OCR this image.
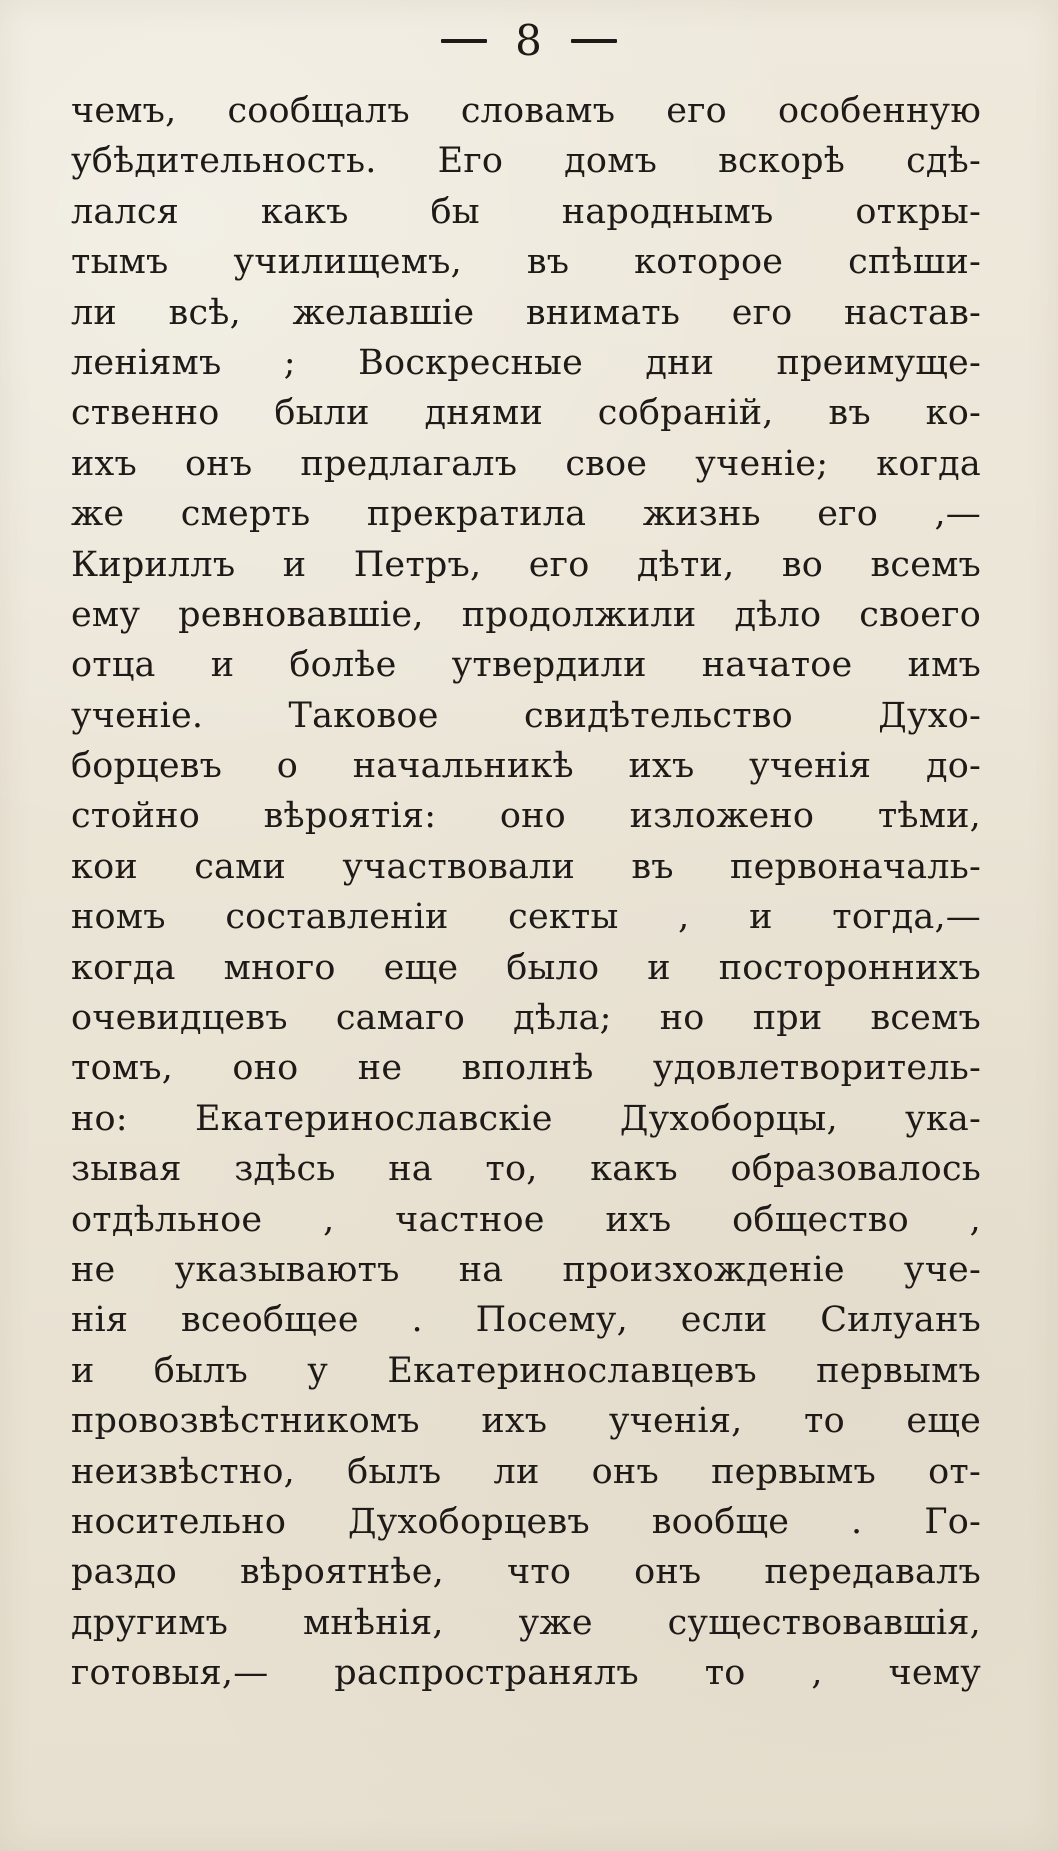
8
чемъ, сообщалъ словамъ его особенную
убѣдительность. Его домъ вскорѣ сдѣ-
лался какъ бы народнымъ откры-
тымъ училищемъ, въ которое спѣши-
ли всѣ, желавшіе внимать его настав-
леніямъ ; Воскресные дни преимуще-
ственно были днями собраній, въ ко-
ихъ онъ предлагалъ свое ученіе; когда
же смерть прекратила жизнь его ,—
Кириллъ и Петръ, его дѣти, во всемъ
ему ревновавшіе, продолжили дѣло своего
отца и болѣе утвердили начатое имъ
ученіе. Таковое свидѣтельство Духо-
борцевъ о начальникѣ ихъ ученія до-
стойно вѣроятія: оно изложено тѣми,
кои сами участвовали въ первоначаль-
номъ составленіи секты , и тогда,—
когда много еще было и постороннихъ
очевидцевъ самаго дѣла; но при всемъ
томъ, оно не вполнѣ удовлетворитель-
но: Екатеринославскіе Духоборцы, ука-
зывая здѣсь на то, какъ образовалось
отдѣльное , частное ихъ общество ,
не указываютъ на произхожденіе уче-
нія всеобщее . Посему, если Силуанъ
и былъ у Екатеринославцевъ первымъ
провозвѣстникомъ ихъ ученія, то еще
неизвѣстно, былъ ли онъ первымъ от-
носительно Духоборцевъ вообще . Го-
раздо вѣроятнѣе, что онъ передавалъ
другимъ мнѣнія, уже существовавшія,
готовыя,— распространялъ то , чему
